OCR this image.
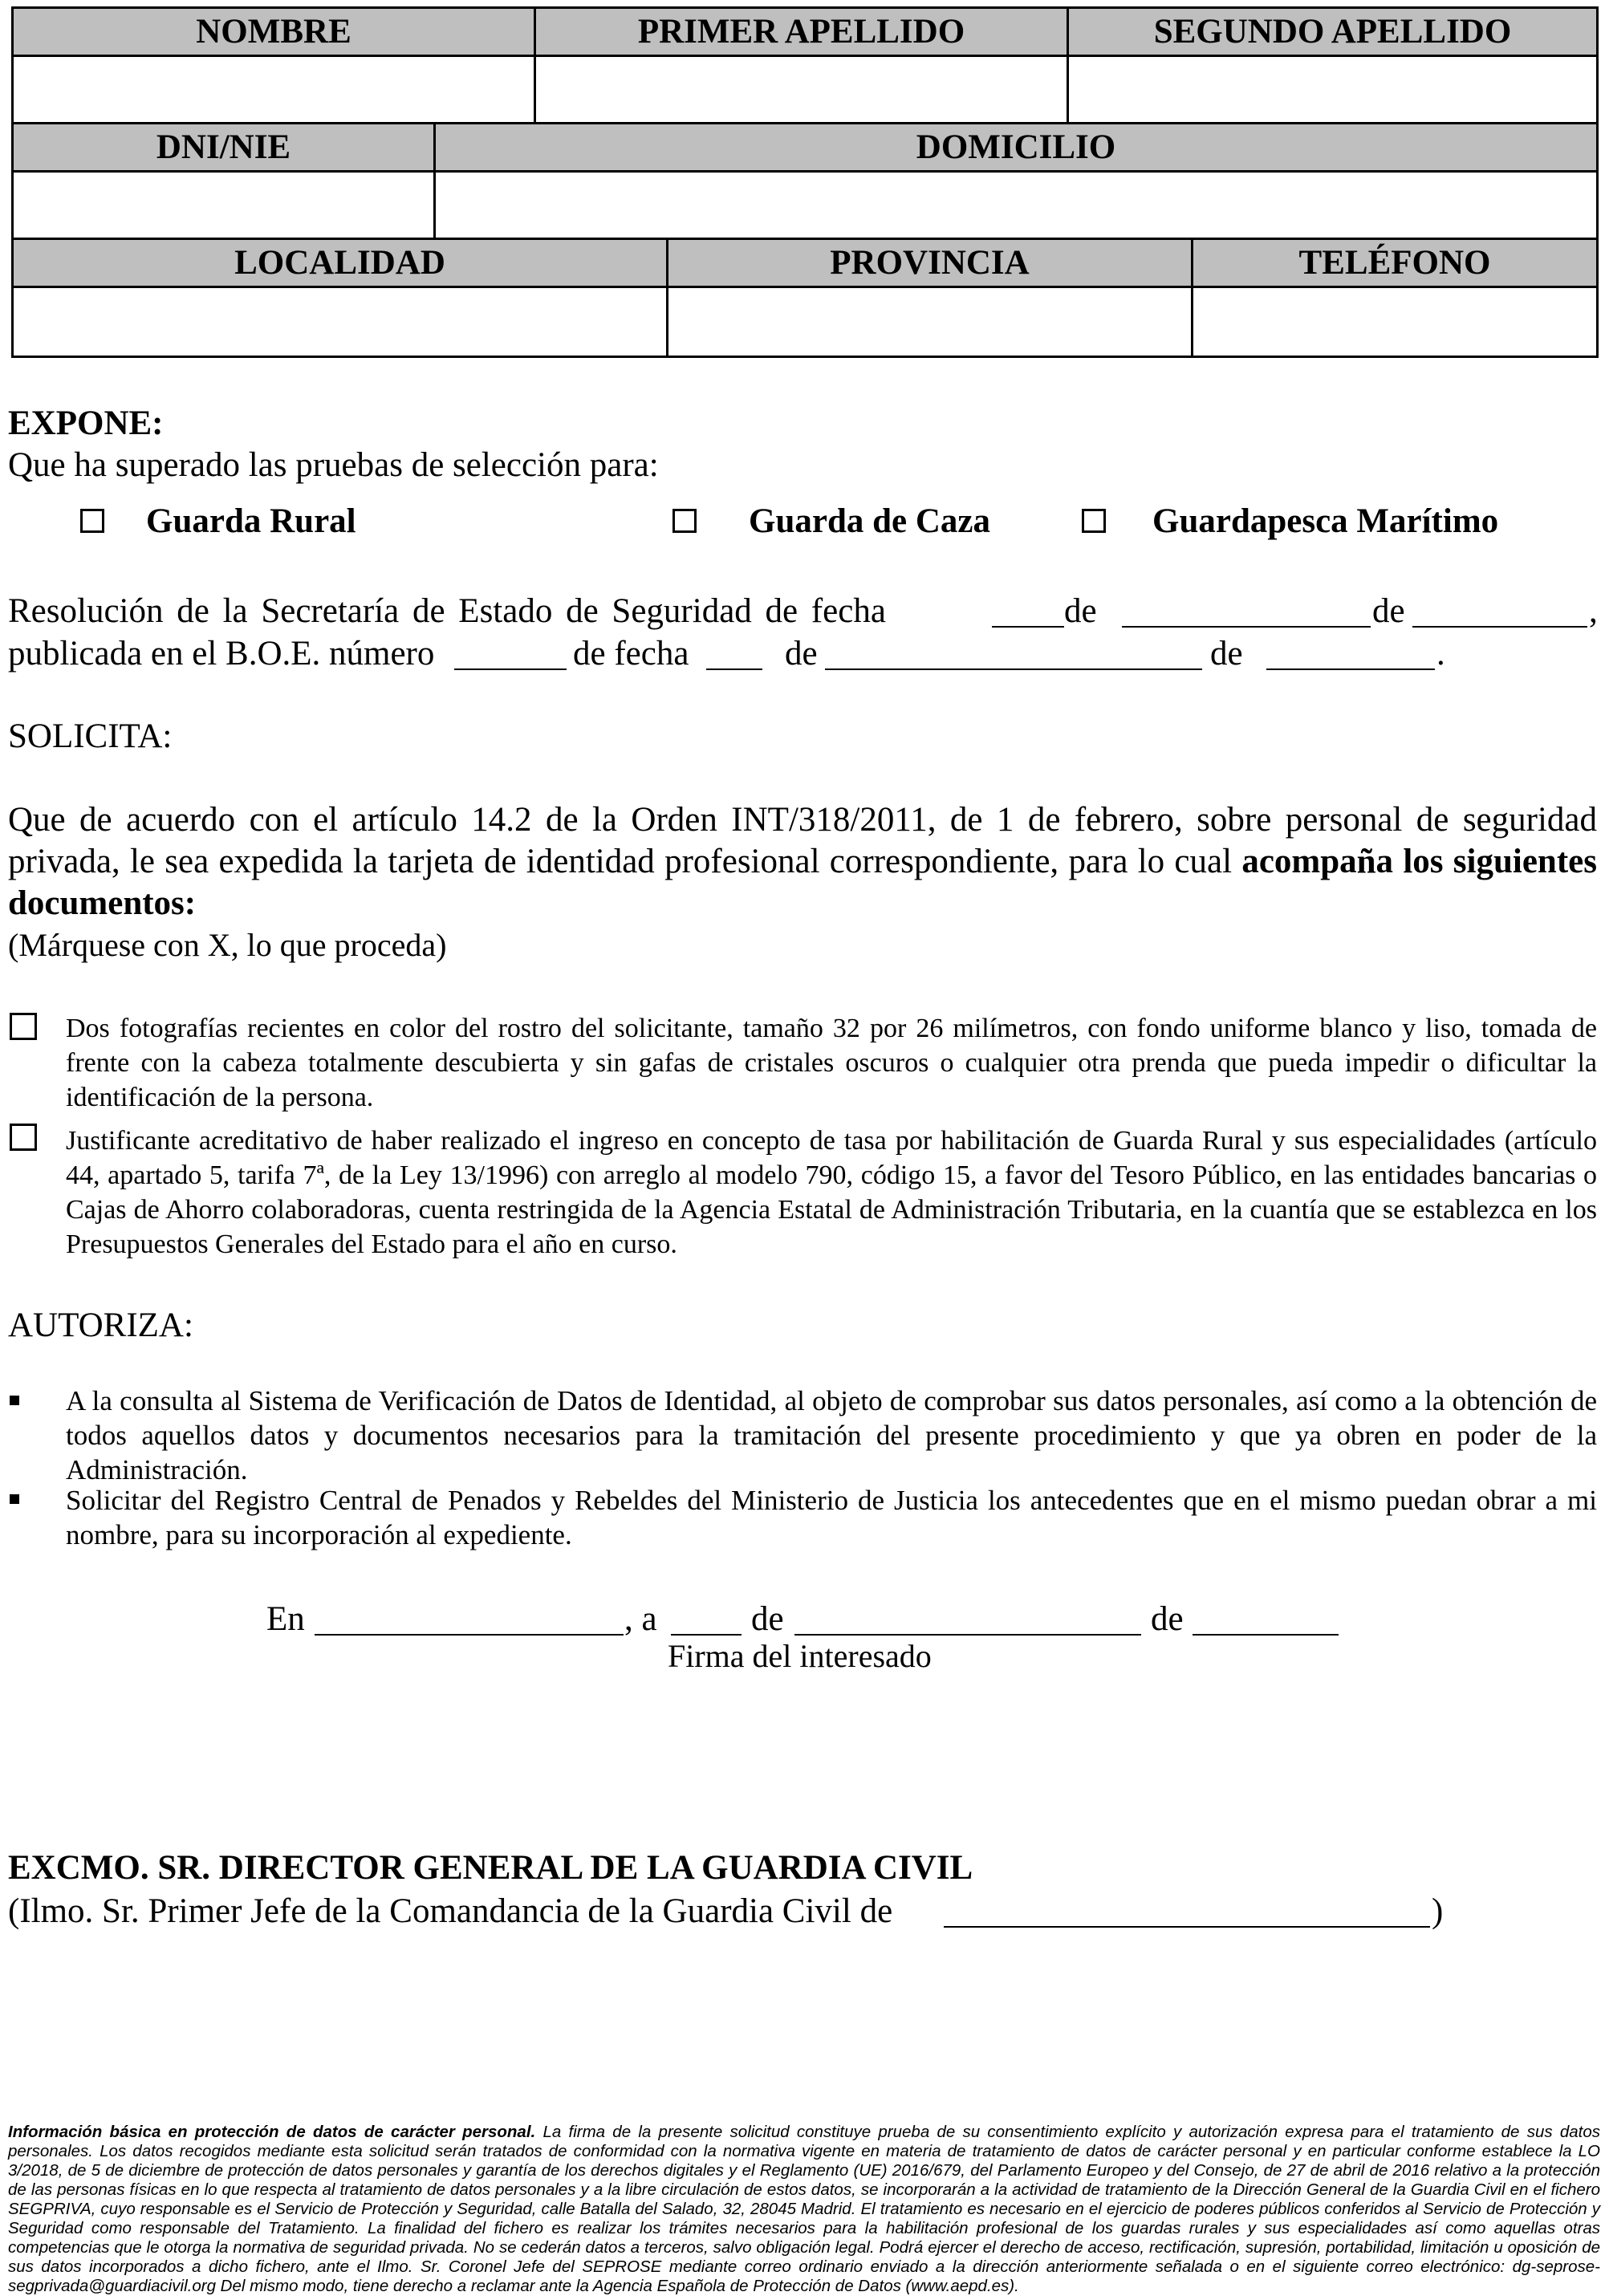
NOMBRE	PRIMER APELLIDO	SEGUNDO APELLIDO
DNI/NIE	DOMICILIO
LOCALIDAD	PROVINCIA	TELÉFONO
EXPONE:
Que ha superado las pruebas de selección para:
Guarda Rural	Guarda de Caza	Guardapesca Marítimo
Resolución de la Secretaría de Estado de Seguridad de fecha	de	de	,
publicada en el B.O.E. número	de fecha	de	de	.
SOLICITA:
Que de acuerdo con el artículo 14.2 de la Orden INT/318/2011, de 1 de febrero, sobre personal de seguridad privada, le sea expedida la tarjeta de identidad profesional correspondiente, para lo cual acompaña los siguientes documentos:
(Márquese con X, lo que proceda)
Dos fotografías recientes en color del rostro del solicitante, tamaño 32 por 26 milímetros, con fondo uniforme blanco y liso, tomada de frente con la cabeza totalmente descubierta y sin gafas de cristales oscuros o cualquier otra prenda que pueda impedir o dificultar la identificación de la persona.
Justificante acreditativo de haber realizado el ingreso en concepto de tasa por habilitación de Guarda Rural y sus especialidades (artículo 44, apartado 5, tarifa 7ª, de la Ley 13/1996) con arreglo al modelo 790, código 15, a favor del Tesoro Público, en las entidades bancarias o Cajas de Ahorro colaboradoras, cuenta restringida de la Agencia Estatal de Administración Tributaria, en la cuantía que se establezca en los Presupuestos Generales del Estado para el año en curso.
AUTORIZA:
A la consulta al Sistema de Verificación de Datos de Identidad, al objeto de comprobar sus datos personales, así como a la obtención de todos aquellos datos y documentos necesarios para la tramitación del presente procedimiento y que ya obren en poder de la Administración.
Solicitar del Registro Central de Penados y Rebeldes del Ministerio de Justicia los antecedentes que en el mismo puedan obrar a mi nombre, para su incorporación al expediente.
En	, a	de	de
Firma del interesado
EXCMO. SR. DIRECTOR GENERAL DE LA GUARDIA CIVIL
(Ilmo. Sr. Primer Jefe de la Comandancia de la Guardia Civil de	)
Información básica en protección de datos de carácter personal. La firma de la presente solicitud constituye prueba de su consentimiento explícito y autorización expresa para el tratamiento de sus datos personales. Los datos recogidos mediante esta solicitud serán tratados de conformidad con la normativa vigente en materia de tratamiento de datos de carácter personal y en particular conforme establece la LO 3/2018, de 5 de diciembre de protección de datos personales y garantía de los derechos digitales y el Reglamento (UE) 2016/679, del Parlamento Europeo y del Consejo, de 27 de abril de 2016 relativo a la protección de las personas físicas en lo que respecta al tratamiento de datos personales y a la libre circulación de estos datos, se incorporarán a la actividad de tratamiento de la Dirección General de la Guardia Civil en el fichero SEGPRIVA, cuyo responsable es el Servicio de Protección y Seguridad, calle Batalla del Salado, 32, 28045 Madrid. El tratamiento es necesario en el ejercicio de poderes públicos conferidos al Servicio de Protección y Seguridad como responsable del Tratamiento. La finalidad del fichero es realizar los trámites necesarios para la habilitación profesional de los guardas rurales y sus especialidades así como aquellas otras competencias que le otorga la normativa de seguridad privada. No se cederán datos a terceros, salvo obligación legal. Podrá ejercer el derecho de acceso, rectificación, supresión, portabilidad, limitación u oposición de sus datos incorporados a dicho fichero, ante el Ilmo. Sr. Coronel Jefe del SEPROSE mediante correo ordinario enviado a la dirección anteriormente señalada o en el siguiente correo electrónico: dg-seprose-segprivada@guardiacivil.org Del mismo modo, tiene derecho a reclamar ante la Agencia Española de Protección de Datos (www.aepd.es).
